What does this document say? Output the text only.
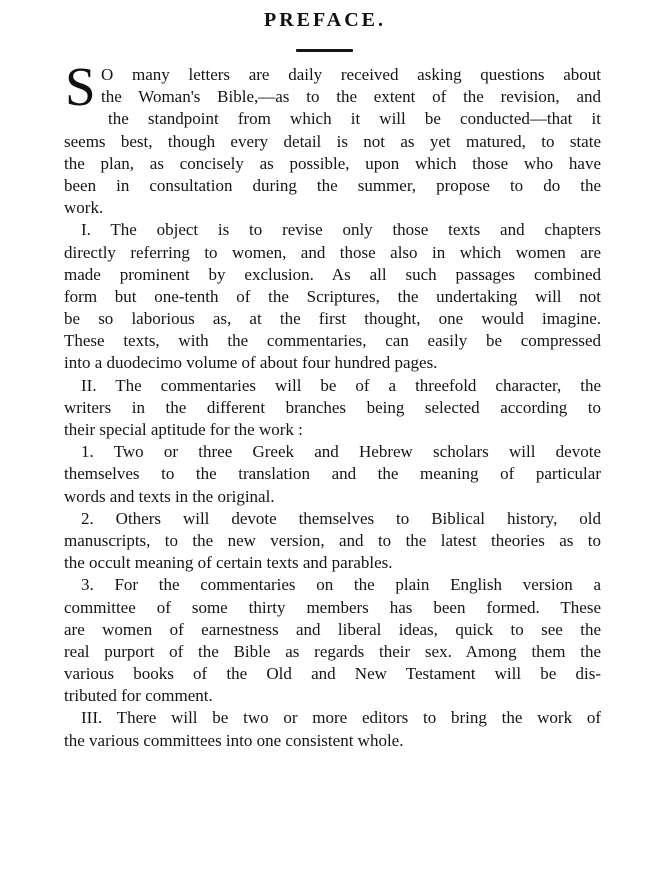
PREFACE.
S O many letters are daily received asking questions about
the Woman's Bible,—as to the extent of the revision, and
the standpoint from which it will be conducted—that it
seems best, though every detail is not as yet matured, to state
the plan, as concisely as possible, upon which those who have
been in consultation during the summer, propose to do the
work.
I. The object is to revise only those texts and chapters
directly referring to women, and those also in which women are
made prominent by exclusion. As all such passages combined
form but one-tenth of the Scriptures, the undertaking will not
be so laborious as, at the first thought, one would imagine.
These texts, with the commentaries, can easily be compressed
into a duodecimo volume of about four hundred pages.
II. The commentaries will be of a threefold character, the
writers in the different branches being selected according to
their special aptitude for the work :
1. Two or three Greek and Hebrew scholars will devote
themselves to the translation and the meaning of particular
words and texts in the original.
2. Others will devote themselves to Biblical history, old
manuscripts, to the new version, and to the latest theories as to
the occult meaning of certain texts and parables.
3. For the commentaries on the plain English version a
committee of some thirty members has been formed. These
are women of earnestness and liberal ideas, quick to see the
real purport of the Bible as regards their sex. Among them the
various books of the Old and New Testament will be dis-
tributed for comment.
III. There will be two or more editors to bring the work of
the various committees into one consistent whole.
